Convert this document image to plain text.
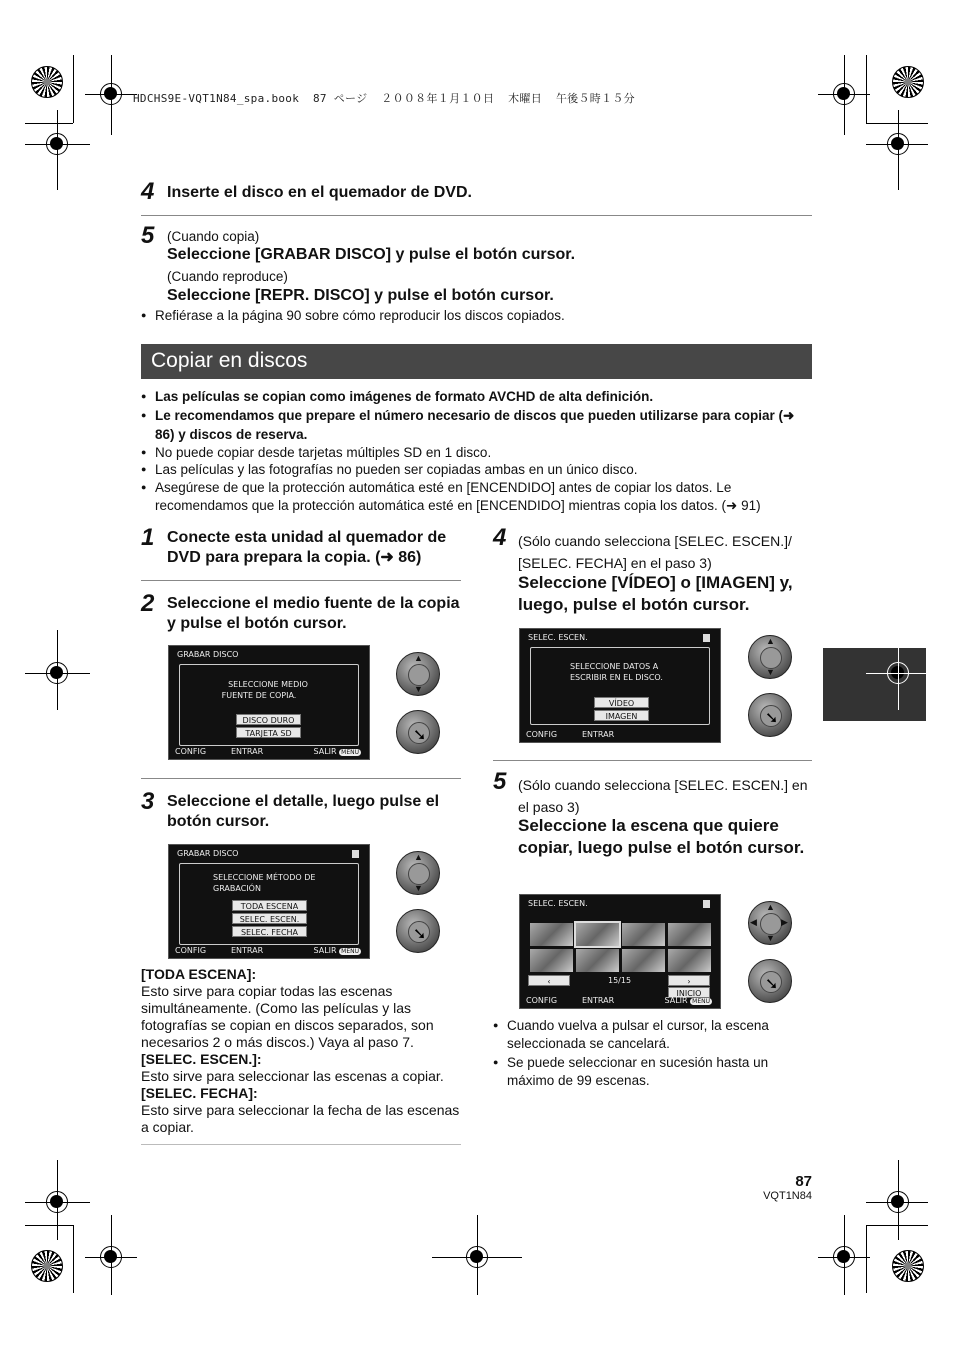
HDCHS9E-VQT1N84_spa.book  87 ページ  ２００８年１月１０日  木曜日  午後５時１５分
4 Inserte el disco en el quemador de DVD.
5 (Cuando copia)
Seleccione [GRABAR DISCO] y pulse el botón cursor.
(Cuando reproduce)
Seleccione [REPR. DISCO] y pulse el botón cursor.
● Refiérase a la página 90 sobre cómo reproducir los discos copiados.
Copiar en discos
● Las películas se copian como imágenes de formato AVCHD de alta definición.
● Le recomendamos que prepare el número necesario de discos que pueden utilizarse para copiar (➜ 86) y discos de reserva.
● No puede copiar desde tarjetas múltiples SD en 1 disco.
● Las películas y las fotografías no pueden ser copiadas ambas en un único disco.
● Asegúrese de que la protección automática esté en [ENCENDIDO] antes de copiar los datos. Le recomendamos que la protección automática esté en [ENCENDIDO] mientras copia los datos. (➜ 91)
1 Conecte esta unidad al quemador de DVD para prepara la copia. (➜ 86)
2 Seleccione el medio fuente de la copia y pulse el botón cursor.
GRABAR DISCO
SELECCIONE MEDIO
FUENTE DE COPIA.
DISCO DURO
TARJETA SD
CONFIG	ENTRAR	SALIR MENU
▲
▼
➘
3 Seleccione el detalle, luego pulse el botón cursor.
GRABAR DISCO
SELECCIONE MÉTODO DE
GRABACIÓN
TODA ESCENA
SELEC. ESCEN.
SELEC. FECHA
CONFIG	ENTRAR	SALIR MENU
▲
▼
➘
[TODA ESCENA]:
Esto sirve para copiar todas las escenas simultáneamente. (Como las películas y las fotografías se copian en discos separados, son necesarios 2 o más discos.) Vaya al paso 7.
[SELEC. ESCEN.]:
Esto sirve para seleccionar las escenas a copiar.
[SELEC. FECHA]:
Esto sirve para seleccionar la fecha de las escenas a copiar.
4 (Sólo cuando selecciona [SELEC. ESCEN.]/ [SELEC. FECHA] en el paso 3)
Seleccione [VÍDEO] o [IMAGEN] y, luego, pulse el botón cursor.
SELEC. ESCEN.
SELECCIONE DATOS A
ESCRIBIR EN EL DISCO.
VÍDEO
IMAGEN
CONFIG	ENTRAR
▲
▼
➘
5 (Sólo cuando selecciona [SELEC. ESCEN.] en el paso 3)
Seleccione la escena que quiere copiar, luego pulse el botón cursor.
SELEC. ESCEN.
‹	15/15	›
INICIO
CONFIG	ENTRAR	SALIR MENU
▲
▼
◀	▶
➘
● Cuando vuelva a pulsar el cursor, la escena seleccionada se cancelará.
● Se puede seleccionar en sucesión hasta un máximo de 99 escenas.
87
VQT1N84
